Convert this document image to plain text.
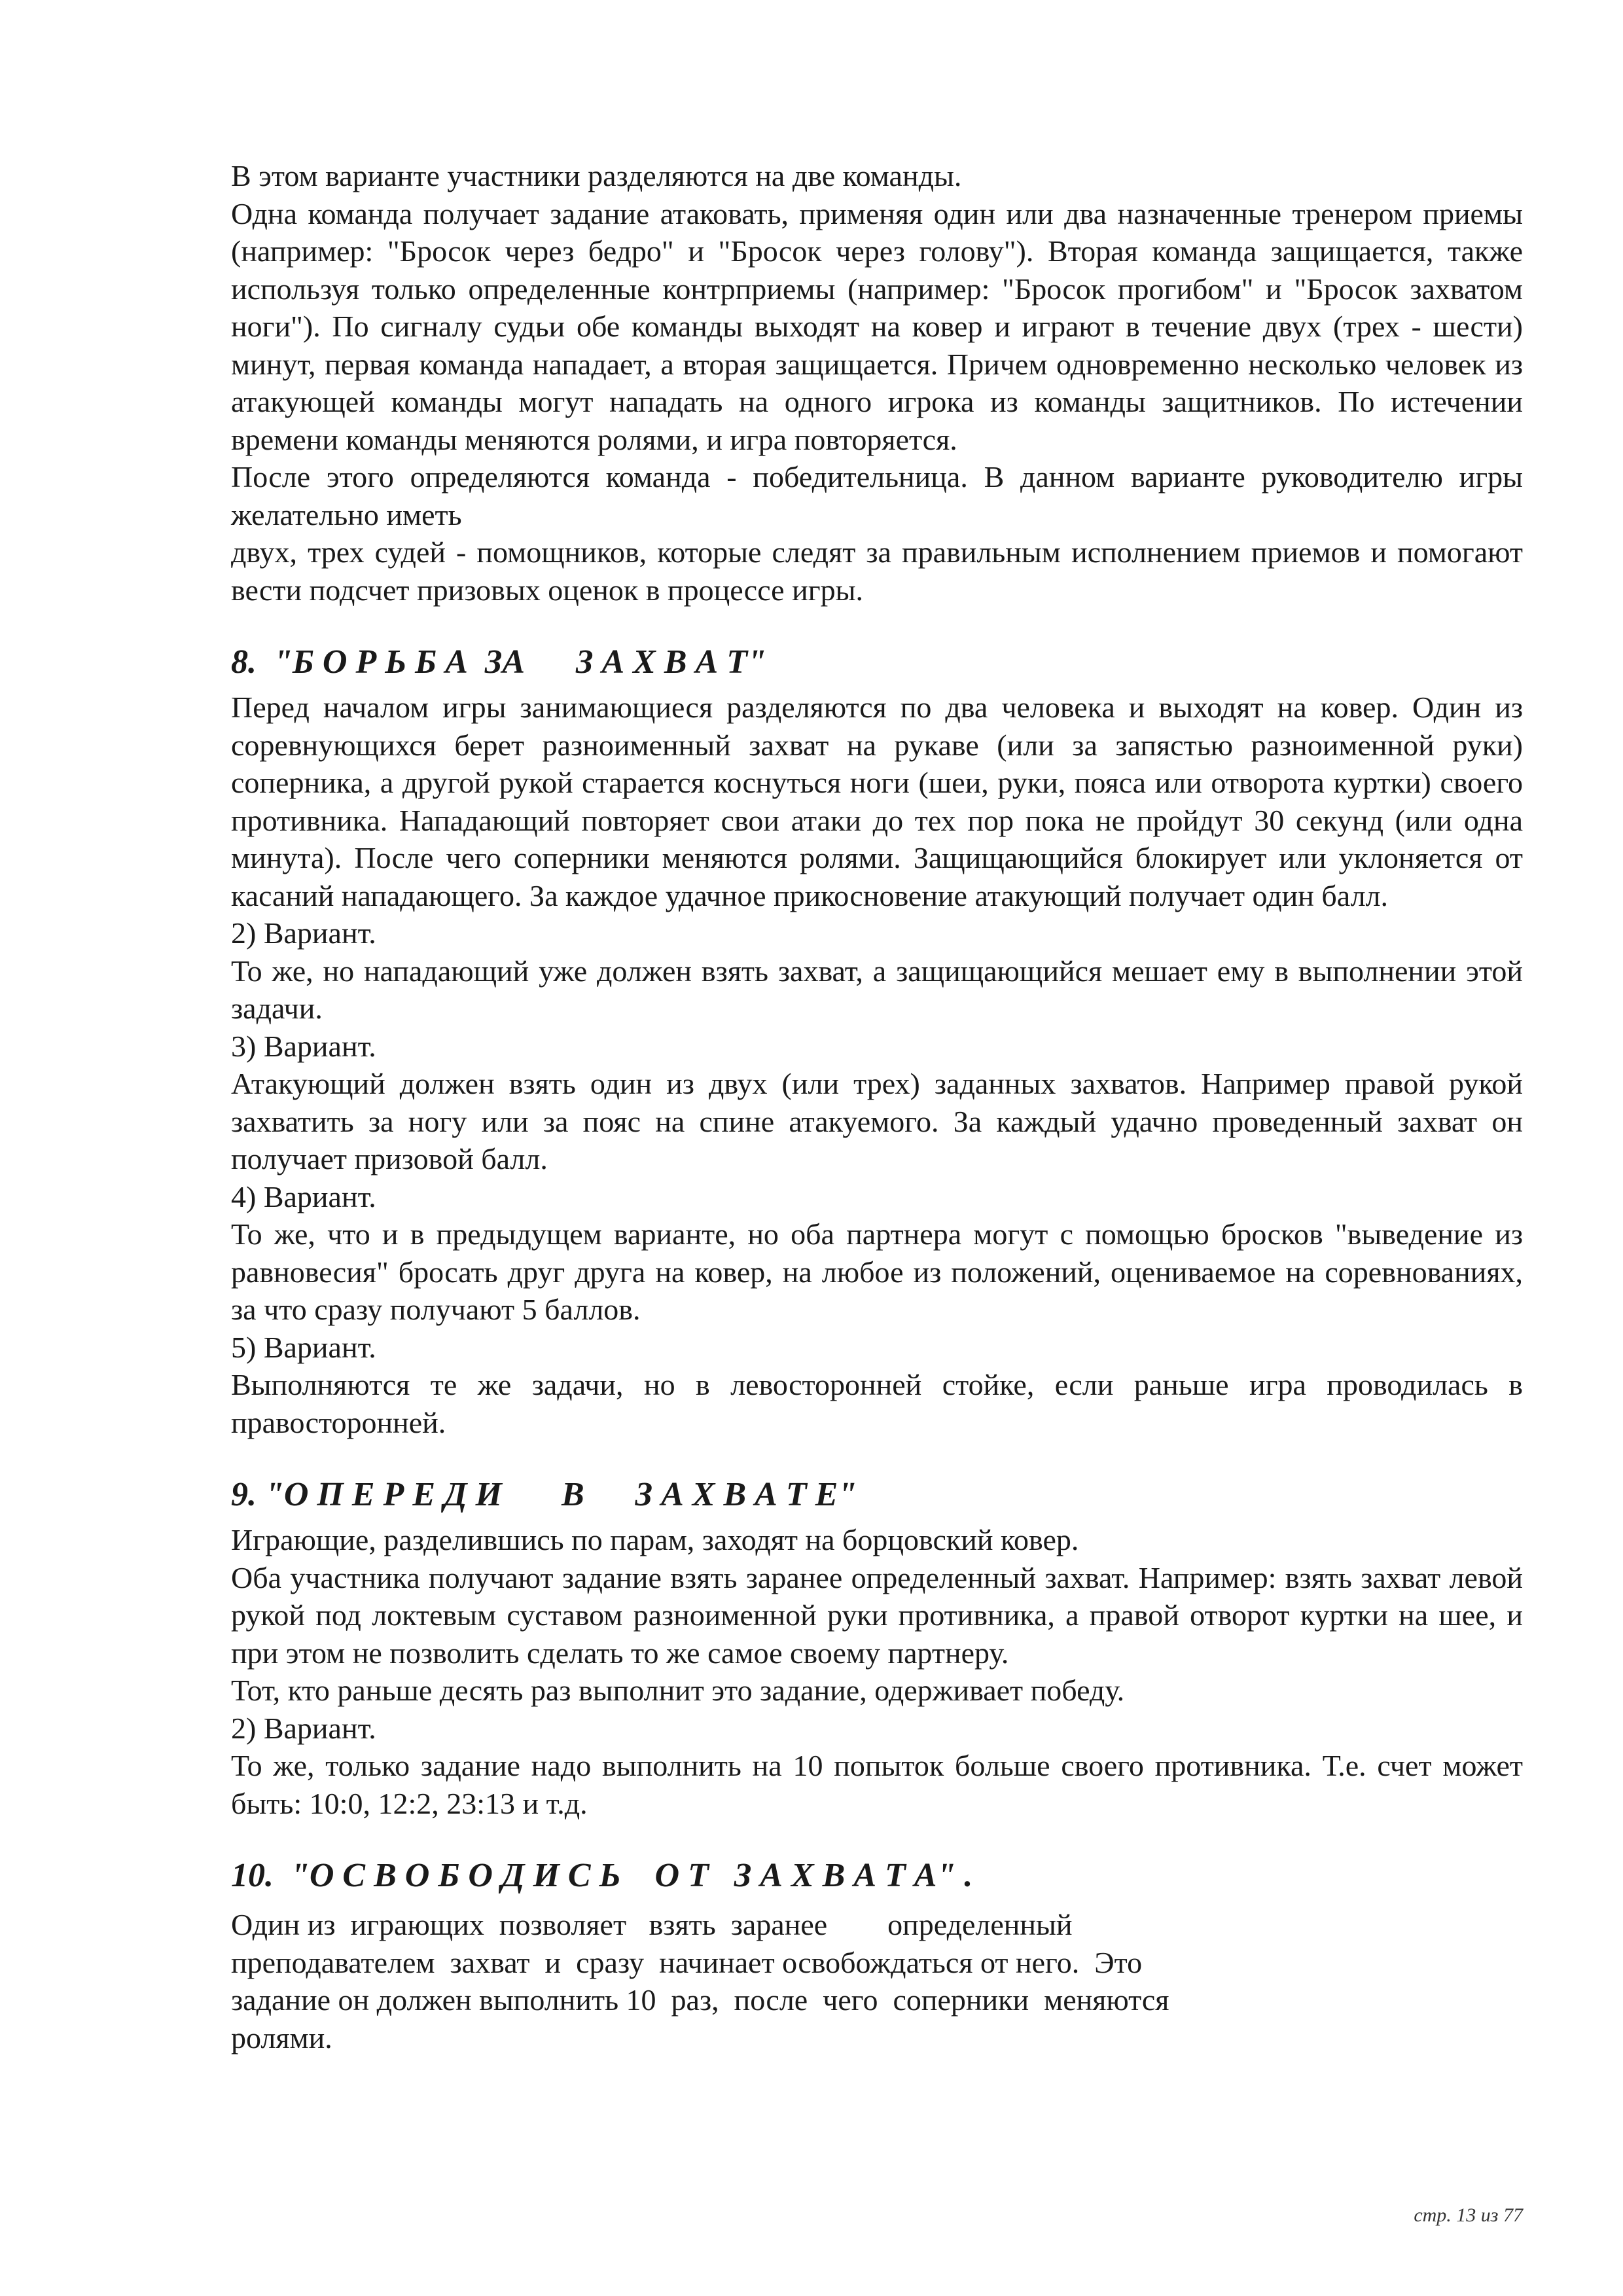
В этом варианте участники разделяются на две команды.

Одна команда получает задание атаковать, применяя один или два назначенные тренером приемы (например: "Бросок через бедро" и "Бросок через голову"). Вторая команда защищается, также используя только определенные контрприемы (например: "Бросок прогибом" и "Бросок захватом ноги"). По сигналу судьи обе команды выходят на ковер и играют в течение двух (трех - шести) минут, первая команда нападает, а вторая защищается. Причем одновременно несколько человек из атакующей команды могут нападать на одного игрока из команды защитников. По истечении времени команды меняются ролями, и игра повторяется.

После этого определяются команда - победительница. В данном варианте руководителю игры желательно иметь

двух, трех судей - помощников, которые следят за правильным исполнением приемов и помогают вести подсчет призовых оценок в процессе игры.

8.  "Б О Р Ь Б А  ЗА      З А Х В А Т"

Перед началом игры занимающиеся разделяются по два человека и выходят на ковер. Один из соревнующихся берет разноименный захват на рукаве (или за запястью разноименной руки) соперника, а другой рукой старается коснуться ноги (шеи, руки, пояса или отворота куртки) своего противника. Нападающий повторяет свои атаки до тех пор пока не пройдут 30 секунд (или одна минута). После чего соперники меняются ролями. Защищающийся блокирует или уклоняется от касаний нападающего. За каждое удачное прикосновение атакующий получает один балл.

2) Вариант.

То же, но нападающий уже должен взять захват, а защищающийся мешает ему в выполнении этой задачи.

3) Вариант.

Атакующий должен взять один из двух (или трех) заданных захватов. Например правой рукой захватить за ногу или за пояс на спине атакуемого. За каждый удачно проведенный захват он получает призовой балл.

4) Вариант.

То же, что и в предыдущем варианте, но оба партнера могут с помощью бросков "выведение из равновесия" бросать друг друга на ковер, на любое из положений, оцениваемое на соревнованиях, за что сразу получают 5 баллов.

5) Вариант.

Выполняются те же задачи, но в левосторонней стойке, если раньше игра проводилась в правосторонней.

9. "О П Е Р Е Д И       В      З А Х В А Т Е"

Играющие, разделившись по парам, заходят на борцовский ковер.

Оба участника получают задание взять заранее определенный захват. Например: взять захват левой рукой под локтевым суставом разноименной руки противника, а правой отворот куртки на шее, и при этом не позволить сделать то же самое своему партнеру.

Тот, кто раньше десять раз выполнит это задание, одерживает победу.

2) Вариант.

То же, только задание надо выполнить на 10 попыток больше своего противника. Т.е. счет может быть: 10:0, 12:2, 23:13 и т.д.

10.  "О С В О Б О Д И С Ь    О Т   З А Х В А Т А" .

Один из  играющих  позволяет   взять  заранее        определенный

преподавателем  захват  и  сразу  начинает освобождаться от него.  Это

задание он должен выполнить 10  раз,  после  чего  соперники  меняются

ролями.

стр. 13 из 77
